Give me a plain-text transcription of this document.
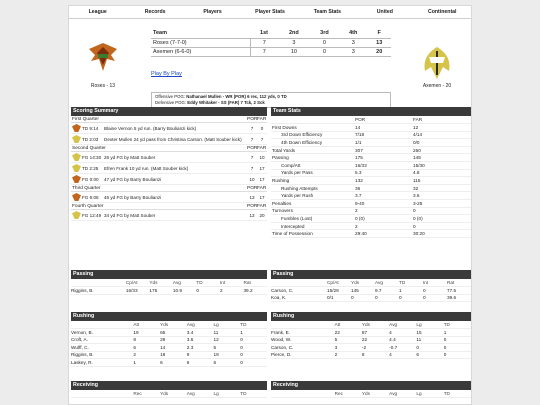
League	Records	Players	Player Stats	Team Stats	United	Continental
Roses - 13	Axemen - 20
Team	1st	2nd	3rd	4th	F
Roses (7-7-0)	7	3	0	3	13
Axemen (6-6-0)	7	10	0	3	20
Play By Play
Offensive POG: Nathanael Mullen - WR (POR) 6 rec, 112 yds, 0 TD
Defensive POG: Eddy Whitaker - SS (FAR) 7 Tck, 2 Sck
Scoring Summary
First Quarter	POR FAR
TD 9:14	Blaine Vernon 5 yd run. (Barry Boulianzi kick)	7	0
TD 2:03	Dexter Mullen 24 yd pass from Christina Carson. (Matt Souber kick)	7	7
Second Quarter	POR FAR
FG 14:30 26 yd FG by Matt Souber	7	10
TD 2:25	Efren Frank 10 yd run. (Matt Souber kick)	7	17
FG 0:00	47 yd FG by Barry Boulianzi	10	17
Third Quarter	POR FAR
FG 6:06	46 yd FG by Barry Boulianzi	13	17
Fourth Quarter	POR FAR
FG 12:49 34 yd FG by Matt Souber	13	20
Team Stats
	POR	FAR
First Downs	14	12
3rd Down Efficiency	7/18	4/14
4th Down Efficiency	1/1	0/0
Total Yards	307	260
Passing	175	145
Comp/Att	16/33	15/30
Yards per Pass	5.3	4.8
Rushing	132	115
Rushing Attempts	36	32
Yards per Rush	3.7	3.6
Penalties	9-40	3-25
Turnovers	2	0
Fumbles (Lost)	0 (0)	0 (0)
Intercepted	2	0
Time of Possession	29:40	30:20
Passing
	Cp/At	Yds	Avg	TD	Int	Rat
Riggins, B.	16/33	175	10.9	0	2	39.2
Passing
	Cp/At	Yds	Avg	TD	Int	Rat
Carson, C.	15/29	145	9.7	1	0	77.5
Koa, K.	0/1	0	0	0	0	39.6
Rushing
	Att	Yds	Avg	Lg	TD
Vernon, B.	19	65	3.4	11	1
Croft, A.	8	29	3.6	12	0
Wulff, C.	6	14	2.3	5	0
Riggins, B.	2	18	9	19	0
Laskey, R.	1	6	6	6	0
Rushing
	Att	Yds	Avg	Lg	TD
Frank, E.	22	87	4	15	1
Wood, W.	5	22	4.4	11	0
Carson, C.	3	-2	-0.7	0	0
Pierce, D.	2	8	4	6	0
Receiving
	Rec	Yds	Avg	Lg	TD
Receiving
	Rec	Yds	Avg	Lg	TD
